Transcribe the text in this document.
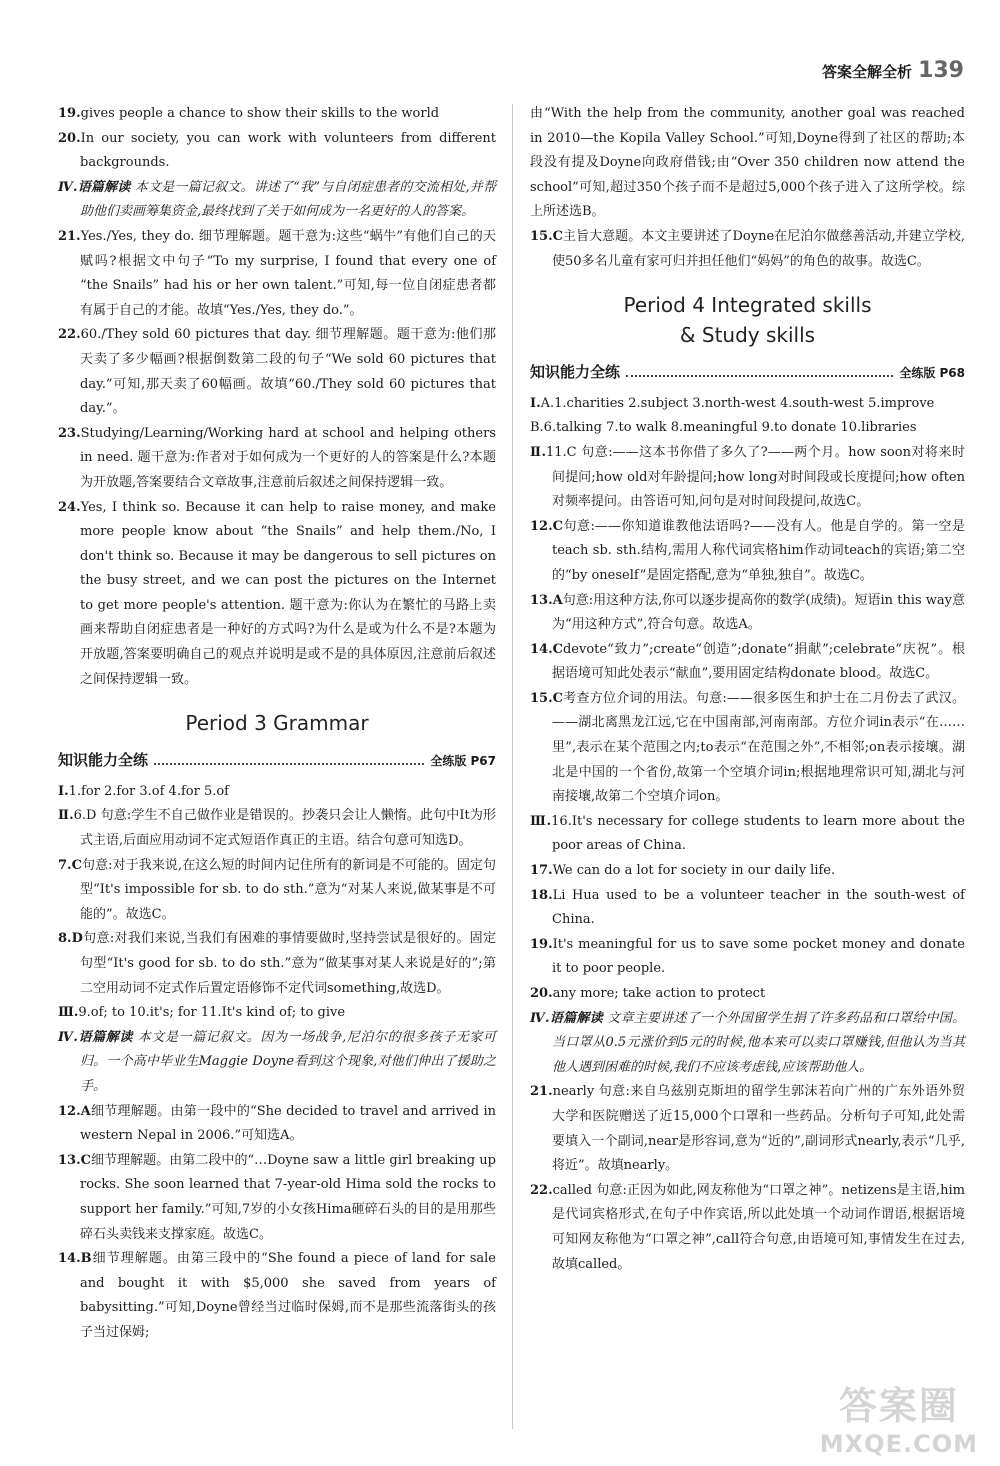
答案全解全析 139

19.gives people a chance to show their skills to the world

20.In our society, you can work with volunteers from different backgrounds.

Ⅳ.语篇解读 本文是一篇记叙文。讲述了“我”与自闭症患者的交流相处,并帮助他们卖画筹集资金,最终找到了关于如何成为一名更好的人的答案。

21.Yes./Yes, they do. 细节理解题。题干意为:这些“蜗牛”有他们自己的天赋吗?根据文中句子“To my surprise, I found that every one of “the Snails” had his or her own talent.”可知,每一位自闭症患者都有属于自己的才能。故填“Yes./Yes, they do.”。

22.60./They sold 60 pictures that day. 细节理解题。题干意为:他们那天卖了多少幅画?根据倒数第二段的句子“We sold 60 pictures that day.”可知,那天卖了60幅画。故填“60./They sold 60 pictures that day.”。

23.Studying/Learning/Working hard at school and helping others in need. 题干意为:作者对于如何成为一个更好的人的答案是什么?本题为开放题,答案要结合文章故事,注意前后叙述之间保持逻辑一致。

24.Yes, I think so. Because it can help to raise money, and make more people know about “the Snails” and help them./No, I don't think so. Because it may be dangerous to sell pictures on the busy street, and we can post the pictures on the Internet to get more people's attention. 题干意为:你认为在繁忙的马路上卖画来帮助自闭症患者是一种好的方式吗?为什么是或为什么不是?本题为开放题,答案要明确自己的观点并说明是或不是的具体原因,注意前后叙述之间保持逻辑一致。

Period 3 Grammar
知识能力全练	全练版 P67

Ⅰ.1.for 2.for 3.of 4.for 5.of

Ⅱ.6.D 句意:学生不自己做作业是错误的。抄袭只会让人懒惰。此句中It为形式主语,后面应用动词不定式短语作真正的主语。结合句意可知选D。

7.C句意:对于我来说,在这么短的时间内记住所有的新词是不可能的。固定句型“It's impossible for sb. to do sth.”意为“对某人来说,做某事是不可能的”。故选C。

8.D句意:对我们来说,当我们有困难的事情要做时,坚持尝试是很好的。固定句型“It's good for sb. to do sth.”意为“做某事对某人来说是好的”;第二空用动词不定式作后置定语修饰不定代词something,故选D。

Ⅲ.9.of; to 10.it's; for 11.It's kind of; to give

Ⅳ.语篇解读 本文是一篇记叙文。因为一场战争,尼泊尔的很多孩子无家可归。一个高中毕业生Maggie Doyne看到这个现象,对他们伸出了援助之手。

12.A细节理解题。由第一段中的“She decided to travel and arrived in western Nepal in 2006.”可知选A。

13.C细节理解题。由第二段中的“…Doyne saw a little girl breaking up rocks. She soon learned that 7-year-old Hima sold the rocks to support her family.”可知,7岁的小女孩Hima砸碎石头的目的是用那些碎石头卖钱来支撑家庭。故选C。

14.B细节理解题。由第三段中的“She found a piece of land for sale and bought it with $5,000 she saved from years of babysitting.”可知,Doyne曾经当过临时保姆,而不是那些流落街头的孩子当过保姆;

由“With the help from the community, another goal was reached in 2010—the Kopila Valley School.”可知,Doyne得到了社区的帮助;本段没有提及Doyne向政府借钱;由“Over 350 children now attend the school”可知,超过350个孩子而不是超过5,000个孩子进入了这所学校。综上所述选B。

15.C主旨大意题。本文主要讲述了Doyne在尼泊尔做慈善活动,并建立学校,使50多名儿童有家可归并担任他们“妈妈”的角色的故事。故选C。

Period 4 Integrated skills
& Study skills
知识能力全练	全练版 P68

Ⅰ.A.1.charities 2.subject 3.north-west 4.south-west 5.improve

B.6.talking 7.to walk 8.meaningful 9.to donate 10.libraries

Ⅱ.11.C 句意:——这本书你借了多久了?——两个月。how soon对将来时间提问;how old对年龄提问;how long对时间段或长度提问;how often对频率提问。由答语可知,问句是对时间段提问,故选C。

12.C句意:——你知道谁教他法语吗?——没有人。他是自学的。第一空是teach sb. sth.结构,需用人称代词宾格him作动词teach的宾语;第二空的“by oneself”是固定搭配,意为“单独,独自”。故选C。

13.A句意:用这种方法,你可以逐步提高你的数学(成绩)。短语in this way意为“用这种方式”,符合句意。故选A。

14.Cdevote“致力”;create“创造”;donate“捐献”;celebrate“庆祝”。根据语境可知此处表示“献血”,要用固定结构donate blood。故选C。

15.C考查方位介词的用法。句意:——很多医生和护士在二月份去了武汉。——湖北离黑龙江远,它在中国南部,河南南部。方位介词in表示“在……里”,表示在某个范围之内;to表示“在范围之外”,不相邻;on表示接壤。湖北是中国的一个省份,故第一个空填介词in;根据地理常识可知,湖北与河南接壤,故第二个空填介词on。

Ⅲ.16.It's necessary for college students to learn more about the poor areas of China.

17.We can do a lot for society in our daily life.

18.Li Hua used to be a volunteer teacher in the south-west of China.

19.It's meaningful for us to save some pocket money and donate it to poor people.

20.any more; take action to protect

Ⅳ.语篇解读 文章主要讲述了一个外国留学生捐了许多药品和口罩给中国。当口罩从0.5元涨价到5元的时候,他本来可以卖口罩赚钱,但他认为当其他人遇到困难的时候,我们不应该考虑钱,应该帮助他人。

21.nearly 句意:来自乌兹别克斯坦的留学生郭沫若向广州的广东外语外贸大学和医院赠送了近15,000个口罩和一些药品。分析句子可知,此处需要填入一个副词,near是形容词,意为“近的”,副词形式nearly,表示“几乎,将近”。故填nearly。

22.called 句意:正因为如此,网友称他为“口罩之神”。netizens是主语,him是代词宾格形式,在句子中作宾语,所以此处填一个动词作谓语,根据语境可知网友称他为“口罩之神”,call符合句意,由语境可知,事情发生在过去,故填called。

答案圈
MXQE.COM
